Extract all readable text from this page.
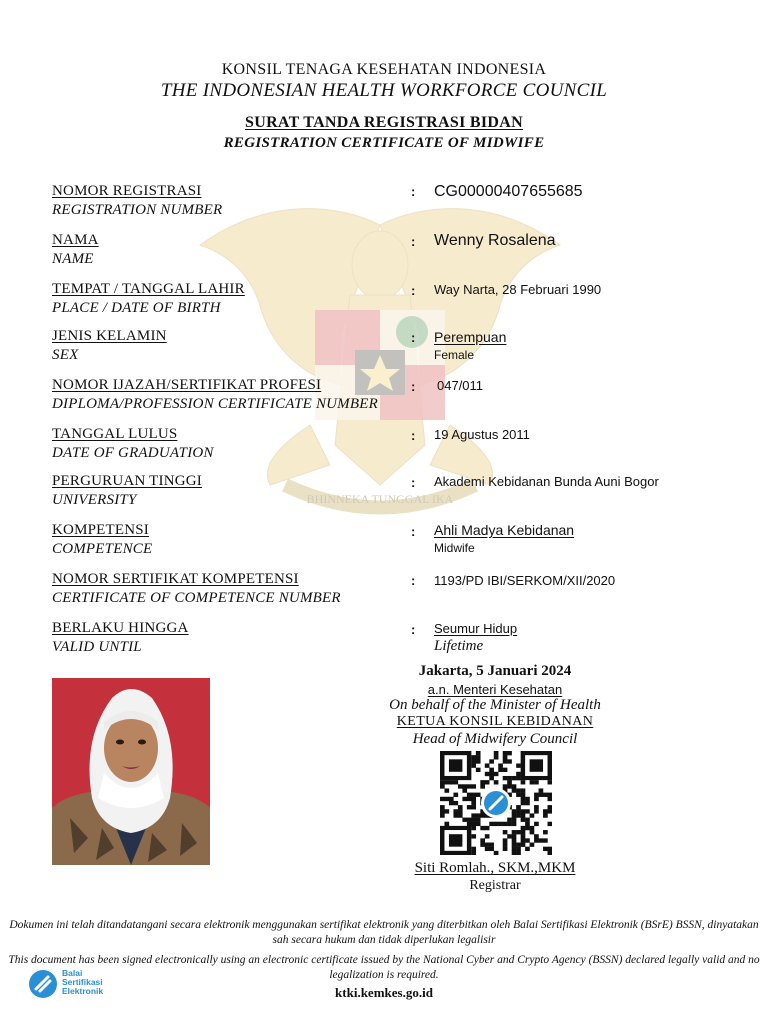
BHINNEKA TUNGGAL IKA
KONSIL TENAGA KESEHATAN INDONESIA
THE INDONESIAN HEALTH WORKFORCE COUNCIL
SURAT TANDA REGISTRASI BIDAN
REGISTRATION CERTIFICATE OF MIDWIFE
NOMOR REGISTRASI
REGISTRATION NUMBER
: CG00000407655685
NAMA
NAME
: Wenny Rosalena
TEMPAT / TANGGAL LAHIR
PLACE / DATE OF BIRTH
: Way Narta, 28 Februari 1990
JENIS KELAMIN
SEX
: Perempuan
Female
NOMOR IJAZAH/SERTIFIKAT PROFESI
DIPLOMA/PROFESSION CERTIFICATE NUMBER
: 047/011
TANGGAL LULUS
DATE OF GRADUATION
: 19 Agustus 2011
PERGURUAN TINGGI
UNIVERSITY
: Akademi Kebidanan Bunda Auni Bogor
KOMPETENSI
COMPETENCE
: Ahli Madya Kebidanan
Midwife
NOMOR SERTIFIKAT KOMPETENSI
CERTIFICATE OF COMPETENCE NUMBER
: 1193/PD IBI/SERKOM/XII/2020
BERLAKU HINGGA
VALID UNTIL
: Seumur Hidup
Lifetime
Jakarta, 5 Januari 2024
a.n. Menteri Kesehatan
On behalf of the Minister of Health
KETUA KONSIL KEBIDANAN
Head of Midwifery Council
Siti Romlah., SKM.,MKM
Registrar
Dokumen ini telah ditandatangani secara elektronik menggunakan sertifikat elektronik yang diterbitkan oleh Balai Sertifikasi Elektronik (BSrE) BSSN, dinyatakan sah secara hukum dan tidak diperlukan legalisir
This document has been signed electronically using an electronic certificate issued by the National Cyber and Crypto Agency (BSSN) declared legally valid and no legalization is required.
Balai
Sertifikasi
Elektronik	ktki.kemkes.go.id
